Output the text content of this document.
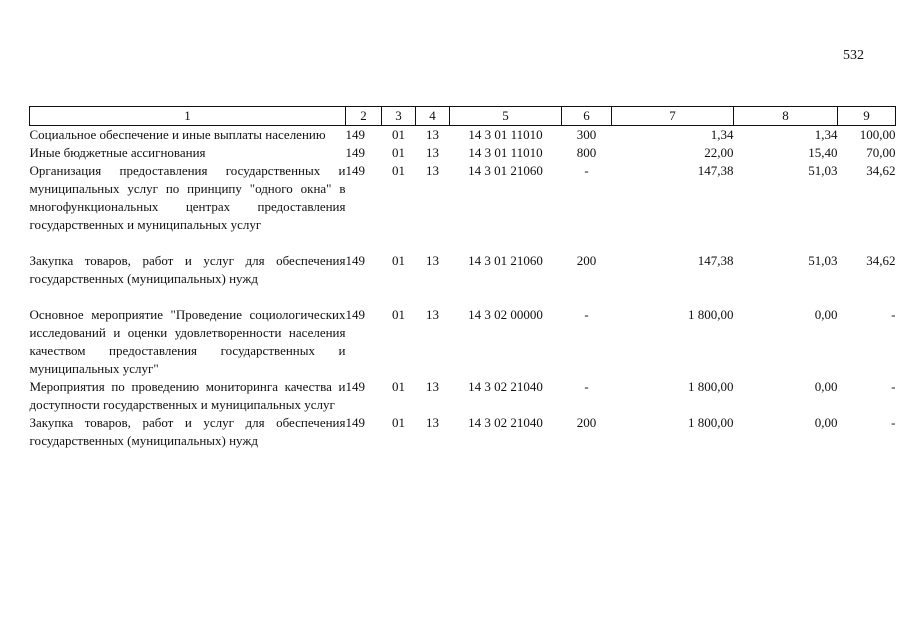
532
1	2	3	4	5	6	7	8	9
Социальное обеспечение и иные выплаты населению	149	01	13	14 3 01 11010	300	1,34	1,34	100,00
Иные бюджетные ассигнования	149	01	13	14 3 01 11010	800	22,00	15,40	70,00
Организация предоставления государственных и муниципальных услуг по принципу "одного окна" в многофункциональных центрах предоставления государственных и муниципальных услуг	149	01	13	14 3 01 21060	-	147,38	51,03	34,62
Закупка товаров, работ и услуг для обеспечения государственных (муниципальных) нужд	149	01	13	14 3 01 21060	200	147,38	51,03	34,62
Основное мероприятие "Проведение социологических исследований и оценки удовлетворенности населения качеством предоставления государственных и муниципальных услуг"	149	01	13	14 3 02 00000	-	1 800,00	0,00	-
Мероприятия по проведению мониторинга качества и доступности государственных и муниципальных услуг	149	01	13	14 3 02 21040	-	1 800,00	0,00	-
Закупка товаров, работ и услуг для обеспечения государственных (муниципальных) нужд	149	01	13	14 3 02 21040	200	1 800,00	0,00	-
